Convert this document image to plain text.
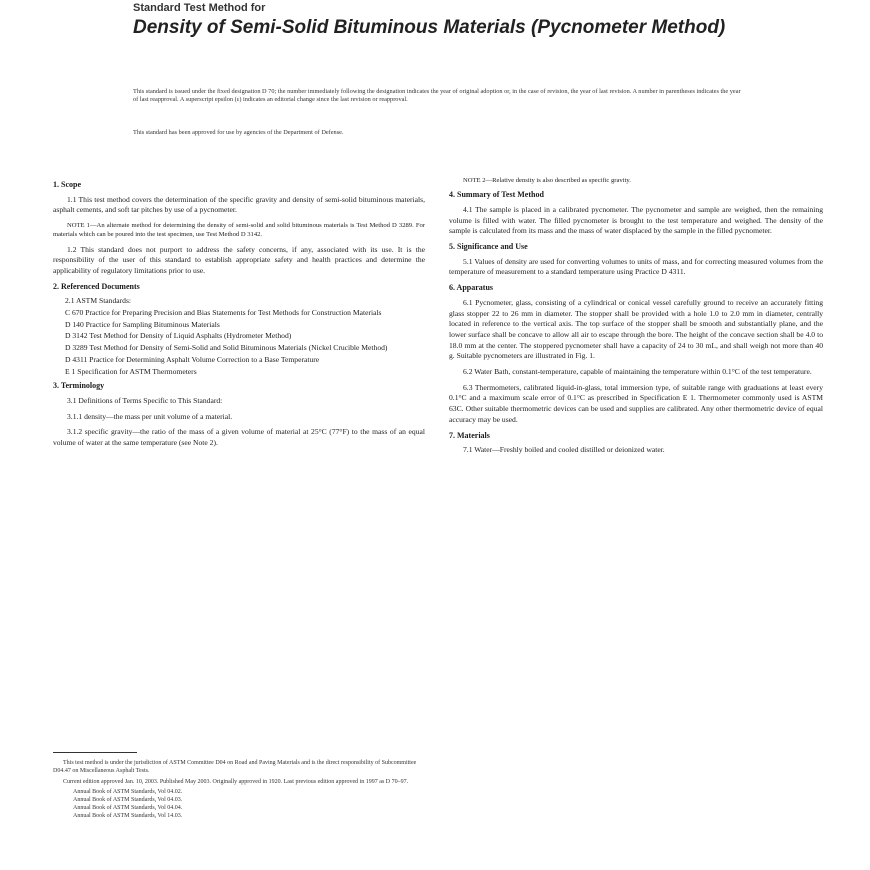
Standard Test Method for

Density of Semi-Solid Bituminous Materials (Pycnometer Method)

This standard is issued under the fixed designation D 70; the number immediately following the designation indicates the year of original adoption or, in the case of revision, the year of last revision. A number in parentheses indicates the year of last reapproval. A superscript epsilon (ε) indicates an editorial change since the last revision or reapproval.

This standard has been approved for use by agencies of the Department of Defense.

1. Scope

1.1 This test method covers the determination of the specific gravity and density of semi-solid bituminous materials, asphalt cements, and soft tar pitches by use of a pycnometer.

NOTE 1—An alternate method for determining the density of semi-solid and solid bituminous materials is Test Method D 3289. For materials which can be poured into the test specimen, use Test Method D 3142.

1.2 This standard does not purport to address the safety concerns, if any, associated with its use. It is the responsibility of the user of this standard to establish appropriate safety and health practices and determine the applicability of regulatory limitations prior to use.

2. Referenced Documents

2.1 ASTM Standards:

C 670 Practice for Preparing Precision and Bias Statements for Test Methods for Construction Materials

D 140 Practice for Sampling Bituminous Materials

D 3142 Test Method for Density of Liquid Asphalts (Hydrometer Method)

D 3289 Test Method for Density of Semi-Solid and Solid Bituminous Materials (Nickel Crucible Method)

D 4311 Practice for Determining Asphalt Volume Correction to a Base Temperature

E 1 Specification for ASTM Thermometers

3. Terminology

3.1 Definitions of Terms Specific to This Standard:

3.1.1 density—the mass per unit volume of a material.

3.1.2 specific gravity—the ratio of the mass of a given volume of material at 25°C (77°F) to the mass of an equal volume of water at the same temperature (see Note 2).

NOTE 2—Relative density is also described as specific gravity.

4. Summary of Test Method

4.1 The sample is placed in a calibrated pycnometer. The pycnometer and sample are weighed, then the remaining volume is filled with water. The filled pycnometer is brought to the test temperature and weighed. The density of the sample is calculated from its mass and the mass of water displaced by the sample in the filled pycnometer.

5. Significance and Use

5.1 Values of density are used for converting volumes to units of mass, and for correcting measured volumes from the temperature of measurement to a standard temperature using Practice D 4311.

6. Apparatus

6.1 Pycnometer, glass, consisting of a cylindrical or conical vessel carefully ground to receive an accurately fitting glass stopper 22 to 26 mm in diameter. The stopper shall be provided with a hole 1.0 to 2.0 mm in diameter, centrally located in reference to the vertical axis. The top surface of the stopper shall be smooth and substantially plane, and the lower surface shall be concave to allow all air to escape through the bore. The height of the concave section shall be 4.0 to 18.0 mm at the center. The stoppered pycnometer shall have a capacity of 24 to 30 mL, and shall weigh not more than 40 g. Suitable pycnometers are illustrated in Fig. 1.

6.2 Water Bath, constant-temperature, capable of maintaining the temperature within 0.1°C of the test temperature.

6.3 Thermometers, calibrated liquid-in-glass, total immersion type, of suitable range with graduations at least every 0.1°C and a maximum scale error of 0.1°C as prescribed in Specification E 1. Thermometer commonly used is ASTM 63C. Other suitable thermometric devices can be used and supplies are calibrated. Any other thermometric device of equal accuracy may be used.

7. Materials

7.1 Water—Freshly boiled and cooled distilled or deionized water.

This test method is under the jurisdiction of ASTM Committee D04 on Road and Paving Materials and is the direct responsibility of Subcommittee D04.47 on Miscellaneous Asphalt Tests.

Current edition approved Jan. 10, 2003. Published May 2003. Originally approved in 1920. Last previous edition approved in 1997 as D 70–97.

Annual Book of ASTM Standards, Vol 04.02.

Annual Book of ASTM Standards, Vol 04.03.

Annual Book of ASTM Standards, Vol 04.04.

Annual Book of ASTM Standards, Vol 14.03.
